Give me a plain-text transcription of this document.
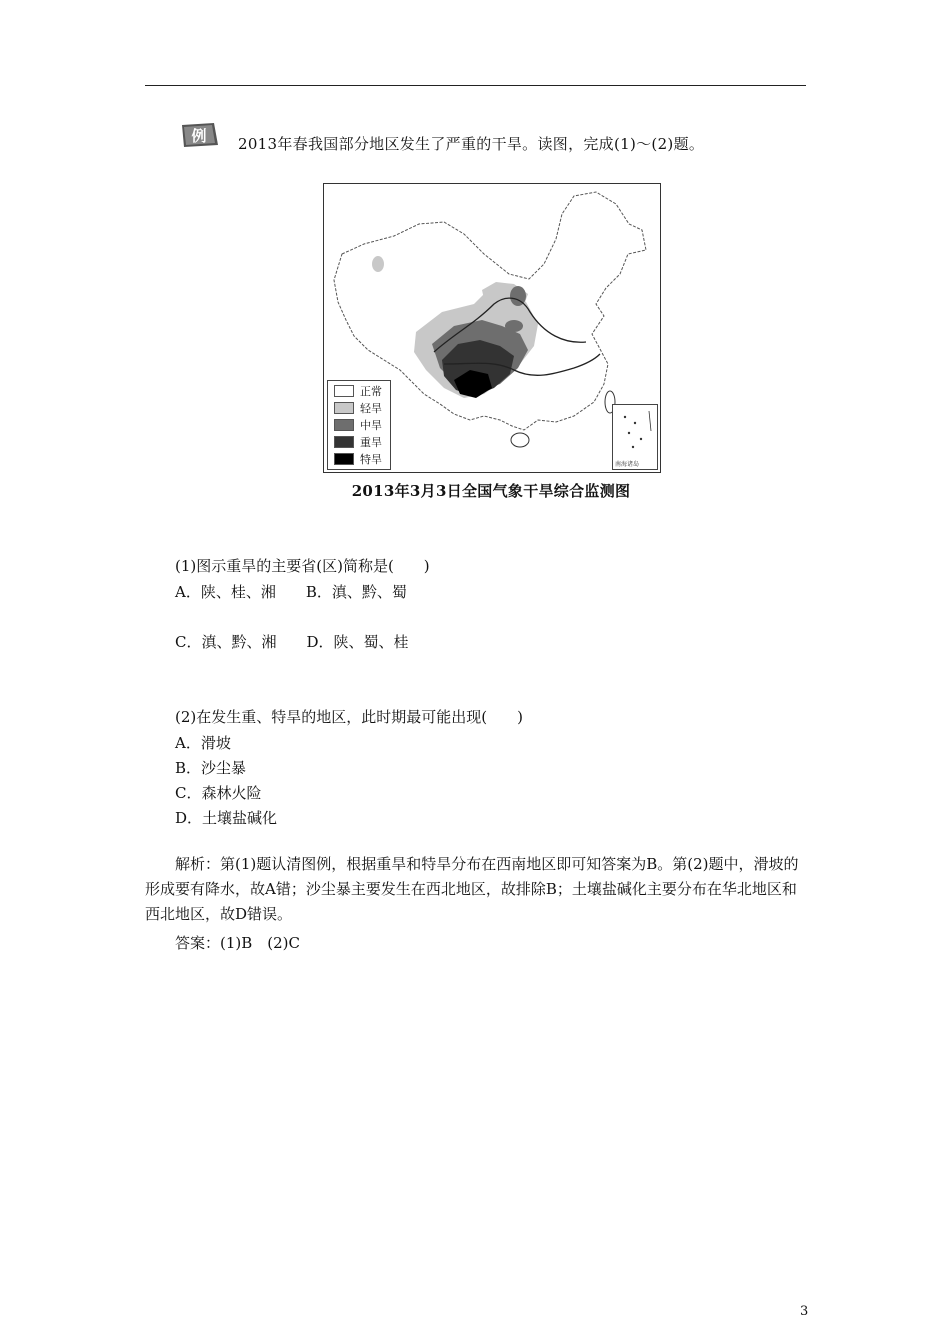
例 2013年春我国部分地区发生了严重的干旱。读图，完成(1)～(2)题。
正常
轻旱
中旱
重旱
特旱	南海诸岛
2013年3月3日全国气象干旱综合监测图
(1)图示重旱的主要省(区)简称是(　　)
A．陕、桂、湘　　B．滇、黔、蜀
C．滇、黔、湘　　D．陕、蜀、桂
(2)在发生重、特旱的地区，此时期最可能出现(　　)
A．滑坡
B．沙尘暴
C．森林火险
D．土壤盐碱化
解析：第(1)题认清图例，根据重旱和特旱分布在西南地区即可知答案为B。第(2)题中，滑坡的形成要有降水，故A错；沙尘暴主要发生在西北地区，故排除B；土壤盐碱化主要分布在华北地区和西北地区，故D错误。
答案：(1)B　(2)C
3
